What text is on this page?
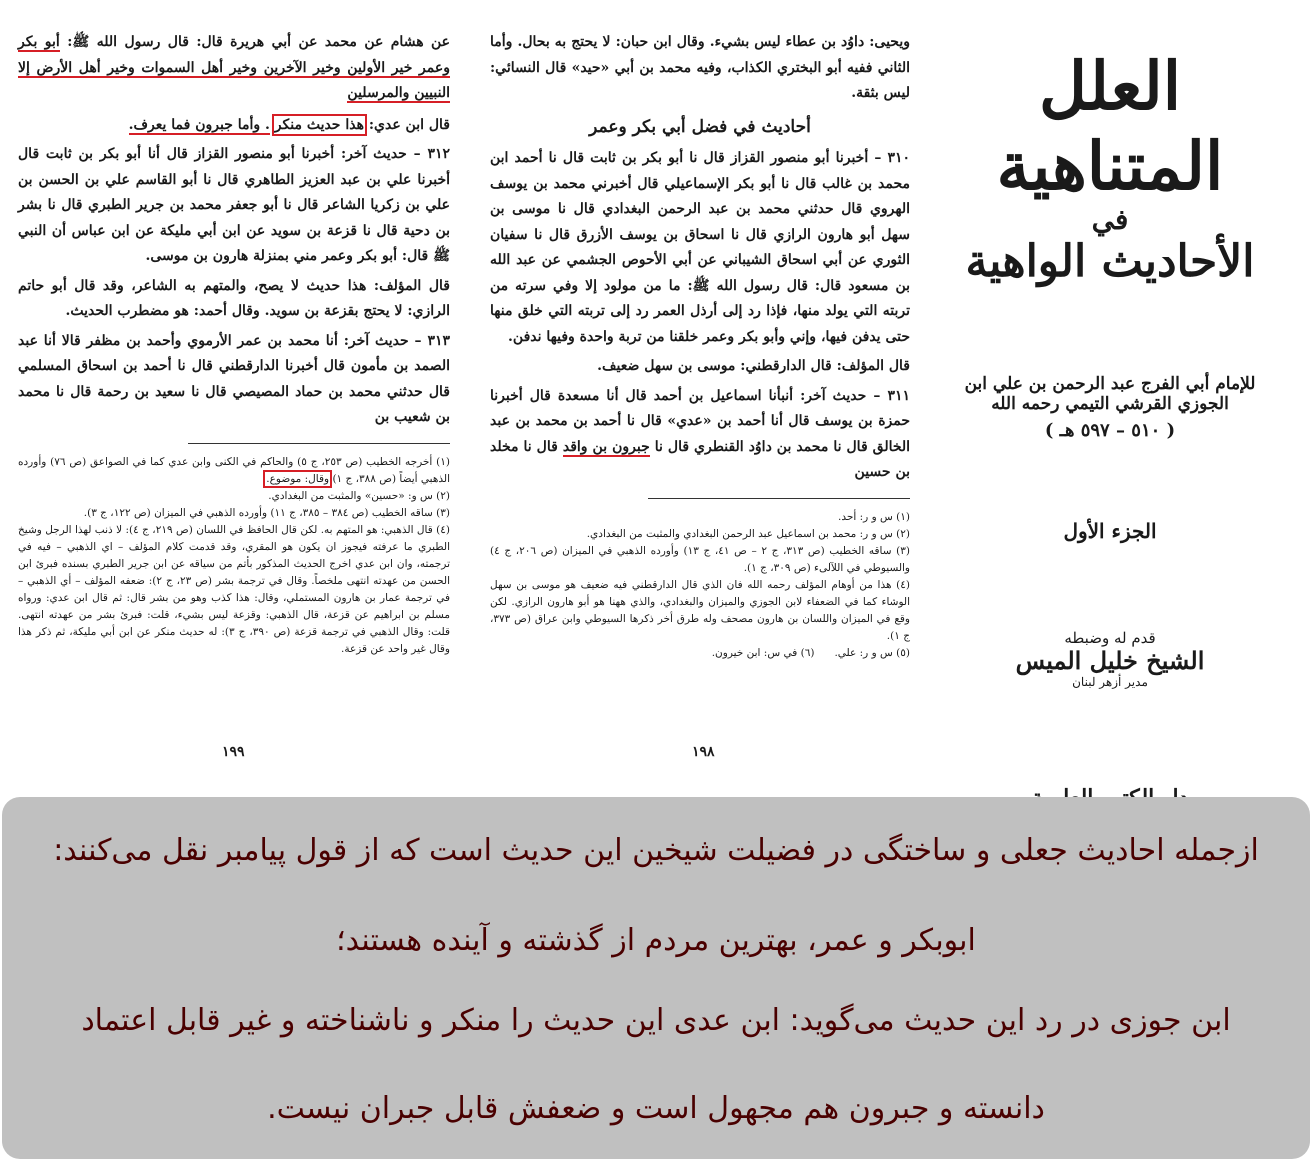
عن هشام عن محمد عن أبي هريرة قال: قال رسول الله ﷺ: أبو بكر وعمر خير الأولين وخير الآخرين وخير أهل السموات وخير أهل الأرض إلا النبيين والمرسلين

قال ابن عدي: هذا حديث منكر . وأما جبرون فما يعرف.

٣١٢ – حديث آخر: أخبرنا أبو منصور القزاز قال أنا أبو بكر بن ثابت قال أخبرنا علي بن عبد العزيز الطاهري قال نا أبو القاسم علي بن الحسن بن علي بن زكريا الشاعر قال نا أبو جعفر محمد بن جرير الطبري قال نا بشر بن دحية قال نا قزعة بن سويد عن ابن أبي مليكة عن ابن عباس أن النبي ﷺ قال: أبو بكر وعمر مني بمنزلة هارون بن موسى.

قال المؤلف: هذا حديث لا يصح، والمتهم به الشاعر، وقد قال أبو حاتم الرازي: لا يحتج بقزعة بن سويد. وقال أحمد: هو مضطرب الحديث.

٣١٣ – حديث آخر: أنا محمد بن عمر الأرموي وأحمد بن مظفر قالا أنا عبد الصمد بن مأمون قال أخبرنا الدارقطني قال نا أحمد بن اسحاق المسلمي قال حدثني محمد بن حماد المصيصي قال نا سعيد بن رحمة قال نا محمد بن شعيب بن

(١) أخرجه الخطيب (ص ٢٥٣، ج ٥) والحاكم في الكنى وابن عدي كما في الصواعق (ص ٧٦) وأورده الذهبي أيضاً (ص ٣٨٨، ج ١) وقال: موضوع.

(٢) س و: «حسين» والمثبت من البغدادي.

(٣) ساقه الخطيب (ص ٣٨٤ – ٣٨٥، ج ١١) وأورده الذهبي في الميزان (ص ١٢٢، ج ٣).

(٤) قال الذهبي: هو المتهم به. لكن قال الحافظ في اللسان (ص ٢١٩، ج ٤): لا ذنب لهذا الرجل وشيخ الطبري ما عرفته فيجوز ان يكون هو المقري، وقد قدمت كلام المؤلف – اي الذهبي – فيه في ترجمته، وان ابن عدي اخرج الحديث المذكور بأتم من سياقه عن ابن جرير الطبري بسنده فبرئ ابن الحسن من عهدته انتهى ملخصاً. وقال في ترجمة بشر (ص ٢٣، ج ٢): ضعفه المؤلف – أي الذهبي – في ترجمة عمار بن هارون المستملي، وقال: هذا كذب وهو من بشر قال: ثم قال ابن عدي: ورواه مسلم بن ابراهيم عن قزعة، قال الذهبي: وقزعة ليس بشيء، قلت: فبرئ بشر من عهدته انتهى. قلت: وقال الذهبي في ترجمة قزعة (ص ٣٩٠، ج ٣): له حديث منكر عن ابن أبي مليكة، ثم ذكر هذا وقال غير واحد عن قزعة.

١٩٩

ويحيى: داوُد بن عطاء ليس بشيء. وقال ابن حبان: لا يحتج به بحال. وأما الثاني ففيه أبو البختري الكذاب، وفيه محمد بن أبي «حيد» قال النسائي: ليس بثقة.

أحاديث في فضل أبي بكر وعمر

٣١٠ – أخبرنا أبو منصور القزاز قال نا أبو بكر بن ثابت قال نا أحمد ابن محمد بن غالب قال نا أبو بكر الإسماعيلي قال أخبرني محمد بن يوسف الهروي قال حدثني محمد بن عبد الرحمن البغدادي قال نا موسى بن سهل أبو هارون الرازي قال نا اسحاق بن يوسف الأزرق قال نا سفيان الثوري عن أبي اسحاق الشيباني عن أبي الأحوص الجشمي عن عبد الله بن مسعود قال: قال رسول الله ﷺ: ما من مولود إلا وفي سرته من تربته التي يولد منها، فإذا رد إلى أرذل العمر رد إلى تربته التي خلق منها حتى يدفن فيها، وإني وأبو بكر وعمر خلقنا من تربة واحدة وفيها ندفن.

قال المؤلف: قال الدارقطني: موسى بن سهل ضعيف.

٣١١ – حديث آخر: أنبأنا اسماعيل بن أحمد قال أنا مسعدة قال أخبرنا حمزة بن يوسف قال أنا أحمد بن «عدي» قال نا أحمد بن محمد بن عبد الخالق قال نا محمد بن داوُد القنطري قال نا جبرون بن واقد قال نا مخلد بن حسين

(١) س و ر: أحد.

(٢) س و ر: محمد بن اسماعيل عبد الرحمن البغدادي والمثبت من البغدادي.

(٣) ساقه الخطيب (ص ٣١٣، ج ٢ – ص ٤١، ج ١٣) وأورده الذهبي في الميزان (ص ٢٠٦، ج ٤) والسيوطي في اللآلىء (ص ٣٠٩، ج ١).

(٤) هذا من أوهام المؤلف رحمه الله فان الذي قال الدارقطني فيه ضعيف هو موسى بن سهل الوشاء كما في الضعفاء لابن الجوزي والميزان والبغدادي، والذي ههنا هو أبو هارون الرازي. لكن وقع في الميزان واللسان بن هارون مصحف وله طرق أخر ذكرها السيوطي وابن عراق (ص ٣٧٣، ج ١).

(٥) س و ر: علي.      (٦) في س: ابن خيرون.

١٩٨
العلل المتناهية
في
الأحاديث الواهية
للإمام أبي الفرج عبد الرحمن بن علي ابن الجوزي القرشي التيمي رحمه الله
( ٥١٠ – ٥٩٧ هـ )
الجزء الأول
قدم له وضبطه
الشيخ خليل الميس
مدير أزهر لبنان

ازجمله احادیث جعلی و ساختگی در فضیلت شیخین این حدیث است که از قول پیامبر نقل می‌کنند:

ابوبکر و عمر، بهترین مردم از گذشته و آینده هستند؛

ابن جوزی در رد این حدیث می‌گوید: ابن عدی این حدیث را منکر و ناشناخته و غیر قابل اعتماد

دانسته و جبرون هم مجهول است و ضعفش قابل جبران نیست.
